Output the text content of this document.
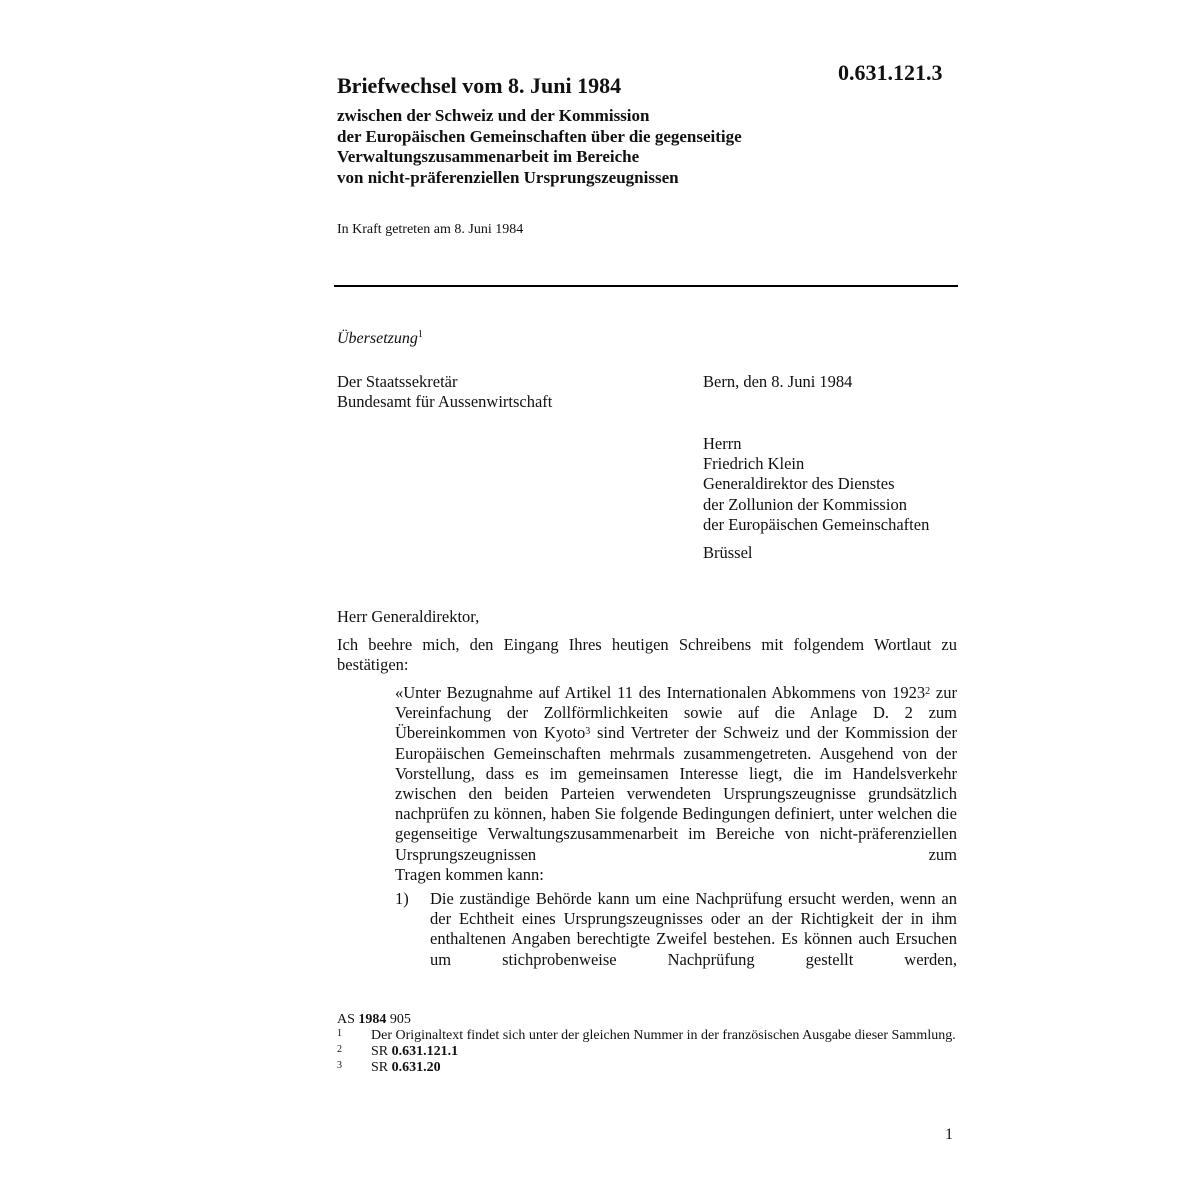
0.631.121.3
Briefwechsel vom 8. Juni 1984
zwischen der Schweiz und der Kommission
der Europäischen Gemeinschaften über die gegenseitige
Verwaltungszusammenarbeit im Bereiche
von nicht-präferenziellen Ursprungszeugnissen
In Kraft getreten am 8. Juni 1984
Übersetzung$^1$
Der Staatssekretär
Bundesamt für Aussenwirtschaft
Bern, den 8. Juni 1984
Herrn
Friedrich Klein
Generaldirektor des Dienstes
der Zollunion der Kommission
der Europäischen Gemeinschaften
Brüssel
Herr Generaldirektor,
Ich beehre mich, den Eingang Ihres heutigen Schreibens mit folgendem Wortlaut zu bestätigen:
«Unter Bezugnahme auf Artikel 11 des Internationalen Abkommens von 1923$^2$ zur Vereinfachung der Zollförmlichkeiten sowie auf die Anlage D. 2 zum Übereinkommen von Kyoto$^3$ sind Vertreter der Schweiz und der Kommission der Europäischen Gemeinschaften mehrmals zusammengetreten. Ausgehend von der Vorstellung, dass es im gemeinsamen Interesse liegt, die im Handelsverkehr zwischen den beiden Parteien verwendeten Ursprungszeugnisse grundsätzlich nachprüfen zu können, haben Sie folgende Bedingungen definiert, unter welchen die gegenseitige Verwaltungszusammenarbeit im Bereiche von nicht-präferenziellen Ursprungszeugnissen zum
Tragen kommen kann:
1) Die zuständige Behörde kann um eine Nachprüfung ersucht werden, wenn an der Echtheit eines Ursprungszeugnisses oder an der Richtigkeit der in ihm enthaltenen Angaben berechtigte Zweifel bestehen. Es können auch Ersuchen um stichprobenweise Nachprüfung gestellt werden,
AS 1984 905
1 Der Originaltext findet sich unter der gleichen Nummer in der französischen Ausgabe dieser Sammlung.
2 SR 0.631.121.1
3 SR 0.631.20
1
